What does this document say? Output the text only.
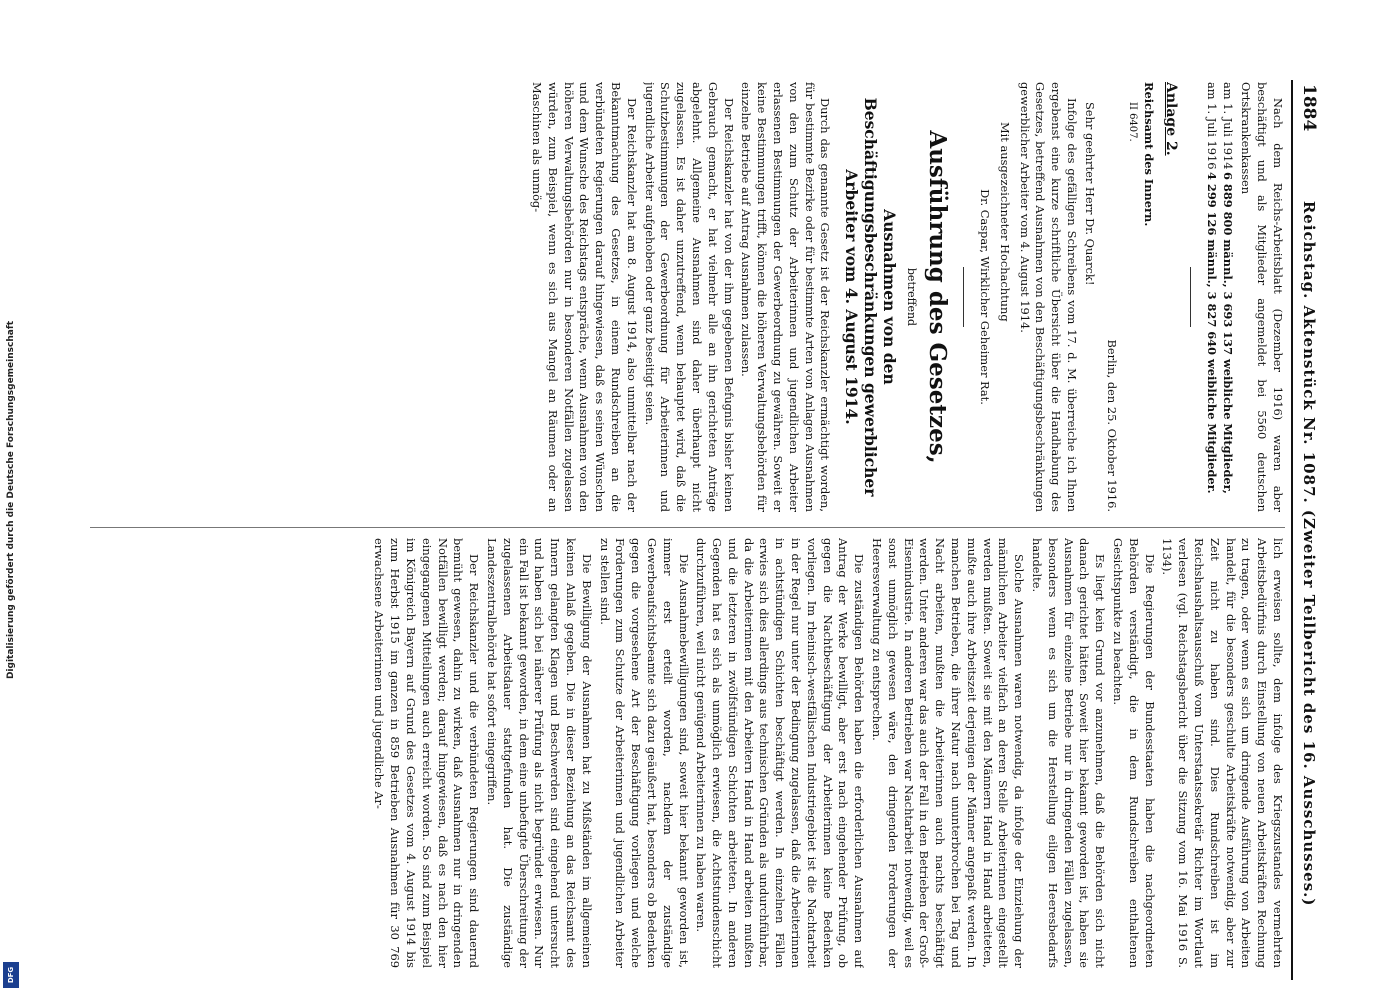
Digitalisierung gefördert durch die Deutsche Forschungsgemeinschaft
DFG
1884
Reichstag. Aktenstück Nr. 1087. (Zweiter Teilbericht des 16. Ausschusses.)

Nach dem Reichs-Arbeitsblatt (Dezember 1916) waren aber beschäftigt und als Mitglieder angemeldet bei 5560 deutschen Ortskrankenkassen

am 1. Juli 1914
6 889 800 männl., 3 693 137 weibliche Mitglieder,
am 1. Juli 1916
4 299 126 männl., 3 827 640 weibliche Mitglieder.
Anlage 2.
Reichsamt des Innern.
II 6407.
Berlin, den 25. Oktober 1916.
Sehr geehrter Herr Dr. Quarck!

Infolge des gefälligen Schreibens vom 17. d. M. überreiche ich Ihnen ergebenst eine kurze schriftliche Übersicht über die Handhabung des Gesetzes, betreffend Ausnahmen von den Beschäftigungsbeschränkungen gewerblicher Arbeiter vom 4. August 1914.

Mit ausgezeichneter Hochachtung
Dr. Caspar, Wirklicher Geheimer Rat.
Ausführung des Gesetzes,
betreffend
Ausnahmen von den Beschäftigungsbeschränkungen gewerblicher Arbeiter vom 4. August 1914.

Durch das genannte Gesetz ist der Reichskanzler ermächtigt worden, für bestimmte Bezirke oder für bestimmte Arten von Anlagen Ausnahmen von den zum Schutz der Arbeiterinnen und jugendlichen Arbeiter erlassenen Bestimmungen der Gewerbeordnung zu gewähren. Soweit er keine Bestimmungen trifft, können die höheren Verwaltungsbehörden für einzelne Betriebe auf Antrag Ausnahmen zulassen.

Der Reichskanzler hat von der ihm gegebenen Befugnis bisher keinen Gebrauch gemacht, er hat vielmehr alle an ihn gerichteten Anträge abgelehnt. Allgemeine Ausnahmen sind daher überhaupt nicht zugelassen. Es ist daher unzutreffend, wenn behauptet wird, daß die Schutzbestimmungen der Gewerbeordnung für Arbeiterinnen und jugendliche Arbeiter aufgehoben oder ganz beseitigt seien.

Der Reichskanzler hat am 8. August 1914, also unmittelbar nach der Bekanntmachung des Gesetzes, in einem Rundschreiben an die verbündeten Regierungen darauf hingewiesen, daß es seinen Wünschen und dem Wunsche des Reichstags entspräche, wenn Ausnahmen von den höheren Verwaltungsbehörden nur in besonderen Notfällen zugelassen würden, zum Beispiel, wenn es sich aus Mangel an Räumen oder an Maschinen als unmög-

lich erweisen sollte, dem infolge des Kriegszustandes vermehrten Arbeitsbedürfnis durch Einstellung von neuen Arbeitskräften Rechnung zu tragen, oder wenn es sich um dringende Ausführung von Arbeiten handelt, für die besonders geschulte Arbeitskräfte notwendig, aber zur Zeit nicht zu haben sind. Dies Rundschreiben ist im Reichshaushaltsausschuß vom Unterstaatssekretär Richter im Wortlaut verlesen (vgl. Reichstagsbericht über die Sitzung vom 16. Mai 1916 S. 1134).

Die Regierungen der Bundesstaaten haben die nachgeordneten Behörden verständigt, die in dem Rundschreiben enthaltenen Gesichtspunkte zu beachten.

Es liegt kein Grund vor anzunehmen, daß die Behörden sich nicht danach gerichtet hätten. Soweit hier bekannt geworden ist, haben sie Ausnahmen für einzelne Betriebe nur in dringenden Fällen zugelassen, besonders wenn es sich um die Herstellung eiligen Heeresbedarfs handelte.

Solche Ausnahmen waren notwendig, da infolge der Einziehung der männlichen Arbeiter vielfach an deren Stelle Arbeiterinnen eingestellt werden mußten. Soweit sie mit den Männern Hand in Hand arbeiteten, mußte auch ihre Arbeitszeit derjenigen der Männer angepaßt werden. In manchen Betrieben, die ihrer Natur nach ununterbrochen bei Tag und Nacht arbeiten, mußten die Arbeiterinnen auch nachts beschäftigt werden. Unter anderen war das auch der Fall in den Betrieben der Groß-Eisenindustrie. In anderen Betrieben war Nachtarbeit notwendig, weil es sonst unmöglich gewesen wäre, den dringenden Forderungen der Heeresverwaltung zu entsprechen.

Die zuständigen Behörden haben die erforderlichen Ausnahmen auf Antrag der Werke bewilligt, aber erst nach eingehender Prüfung, ob gegen die Nachtbeschäftigung der Arbeiterinnen keine Bedenken vorliegen. Im rheinisch-westfälischen Industriegebiet ist die Nachtarbeit in der Regel nur unter der Bedingung zugelassen, daß die Arbeiterinnen in achtstündigen Schichten beschäftigt werden. In einzelnen Fällen erwies sich dies allerdings aus technischen Gründen als undurchführbar, da die Arbeiterinnen mit den Arbeitern Hand in Hand arbeiten mußten und die letzteren in zwölfstündigen Schichten arbeiteten. In anderen Gegenden hat es sich als unmöglich erwiesen, die Achtstundenschicht durchzuführen, weil nicht genügend Arbeiterinnen zu haben waren.

Die Ausnahmebewilligungen sind, soweit hier bekannt geworden ist, immer erst erteilt worden, nachdem der zuständige Gewerbeaufsichtsbeamte sich dazu geäußert hat, besonders ob Bedenken gegen die vorgesehene Art der Beschäftigung vorliegen und welche Forderungen zum Schutze der Arbeiterinnen und jugendlichen Arbeiter zu stellen sind.

Die Bewilligung der Ausnahmen hat zu Mißständen im allgemeinen keinen Anlaß gegeben. Die in dieser Beziehung an das Reichsamt des Innern gelangten Klagen und Beschwerden sind eingehend untersucht und haben sich bei näherer Prüfung als nicht begründet erwiesen. Nur ein Fall ist bekannt geworden, in dem eine unbefugte Überschreitung der zugelassenen Arbeitsdauer stattgefunden hat. Die zuständige Landeszentralbehörde hat sofort eingegriffen.

Der Reichskanzler und die verbündeten Regierungen sind dauernd bemüht gewesen, dahin zu wirken, daß Ausnahmen nur in dringenden Notfällen bewilligt werden; darauf hingewiesen, daß es nach den hier eingegangenen Mitteilungen auch erreicht worden. So sind zum Beispiel im Königreich Bayern auf Grund des Gesetzes vom 4. August 1914 bis zum Herbst 1915 im ganzen in 859 Betrieben Ausnahmen für 30 769 erwachsene Arbeiterinnen und jugendliche Ar-
